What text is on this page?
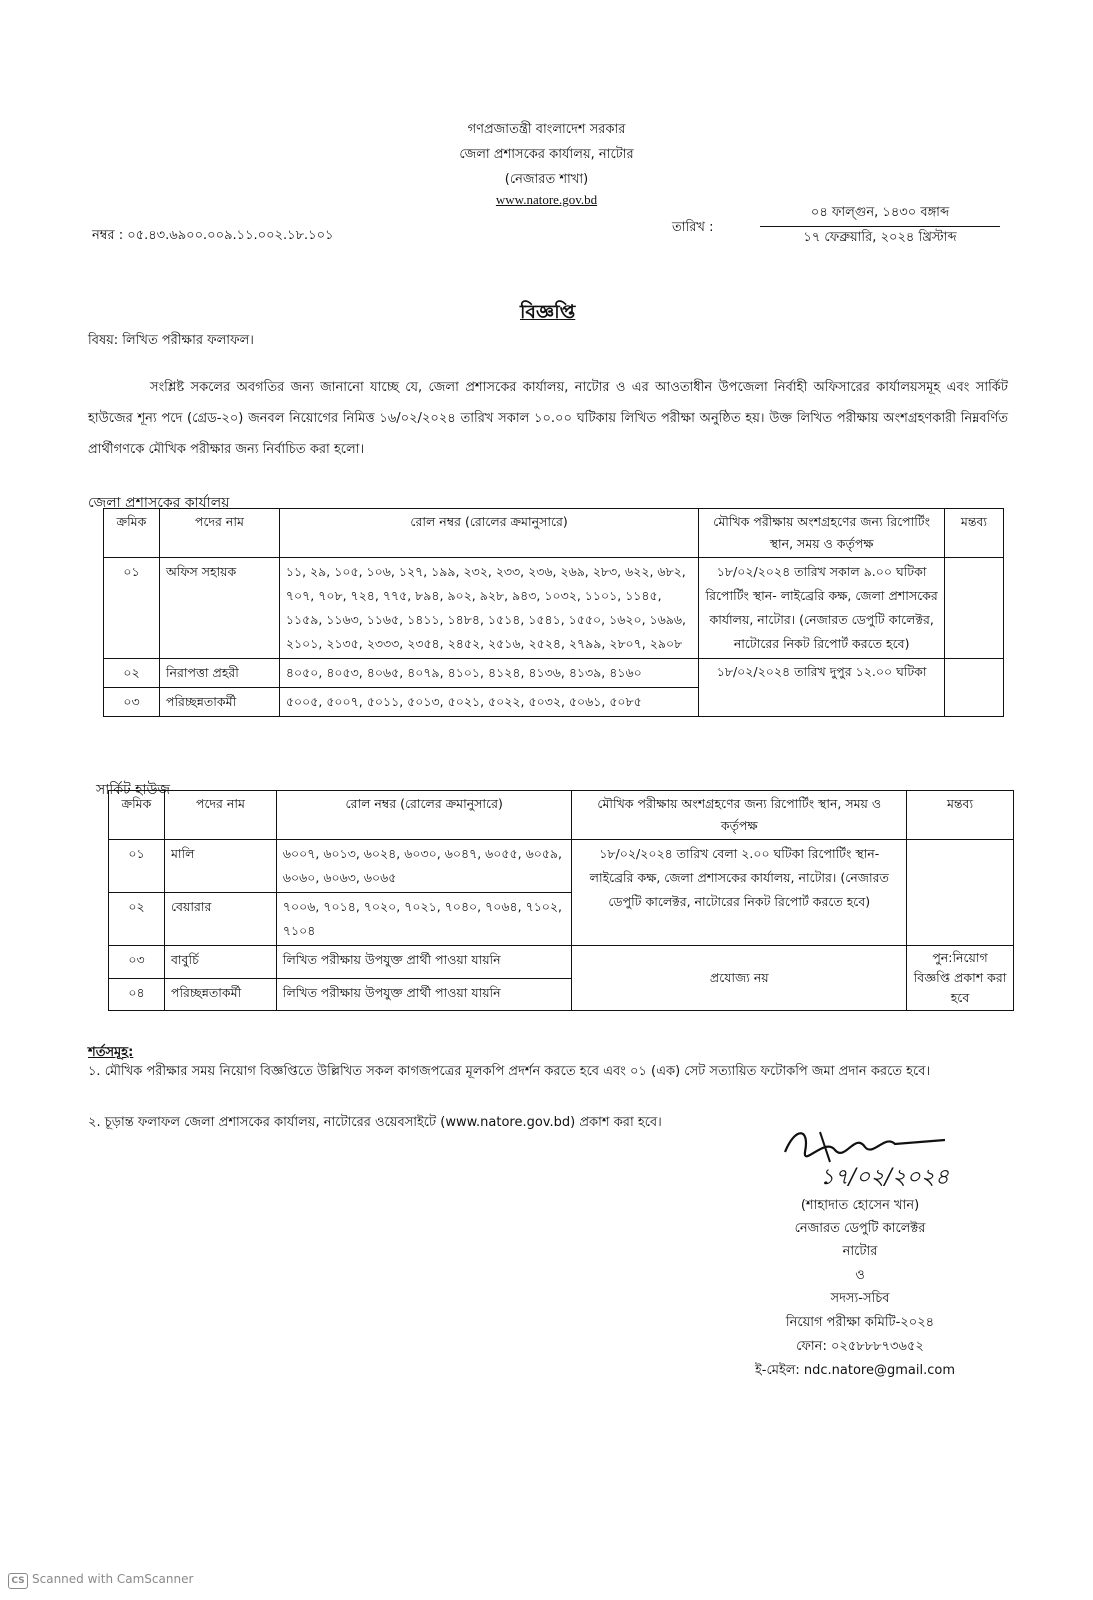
গণপ্রজাতন্ত্রী বাংলাদেশ সরকার
জেলা প্রশাসকের কার্যালয়, নাটোর
(নেজারত শাখা)
www.natore.gov.bd
নম্বর : ০৫.৪৩.৬৯০০.০০৯.১১.০০২.১৮.১০১
তারিখ :
০৪ ফাল্গুন, ১৪৩০ বঙ্গাব্দ
১৭ ফেব্রুয়ারি, ২০২৪ খ্রিস্টাব্দ
বিজ্ঞপ্তি
বিষয়: লিখিত পরীক্ষার ফলাফল।
সংশ্লিষ্ট সকলের অবগতির জন্য জানানো যাচ্ছে যে, জেলা প্রশাসকের কার্যালয়, নাটোর ও এর আওতাধীন উপজেলা নির্বাহী অফিসারের কার্যালয়সমূহ এবং সার্কিট হাউজের শূন্য পদে (গ্রেড-২০) জনবল নিয়োগের নিমিত্ত ১৬/০২/২০২৪ তারিখ সকাল ১০.০০ ঘটিকায় লিখিত পরীক্ষা অনুষ্ঠিত হয়। উক্ত লিখিত পরীক্ষায় অংশগ্রহণকারী নিম্নবর্ণিত প্রার্থীগণকে মৌখিক পরীক্ষার জন্য নির্বাচিত করা হলো।
জেলা প্রশাসকের কার্যালয়
ক্রমিক	পদের নাম	রোল নম্বর (রোলের ক্রমানুসারে)	মৌখিক পরীক্ষায় অংশগ্রহণের জন্য রিপোর্টিং স্থান, সময় ও কর্তৃপক্ষ	মন্তব্য
০১	অফিস সহায়ক	১১, ২৯, ১০৫, ১০৬, ১২৭, ১৯৯, ২৩২, ২৩৩, ২৩৬, ২৬৯, ২৮৩, ৬২২, ৬৮২, ৭০৭, ৭০৮, ৭২৪, ৭৭৫, ৮৯৪, ৯০২, ৯২৮, ৯৪৩, ১০৩২, ১১০১, ১১৪৫, ১১৫৯, ১১৬৩, ১১৬৫, ১৪১১, ১৪৮৪, ১৫১৪, ১৫৪১, ১৫৫০, ১৬২০, ১৬৯৬, ২১০১, ২১৩৫, ২৩৩৩, ২৩৫৪, ২৪৫২, ২৫১৬, ২৫২৪, ২৭৯৯, ২৮০৭, ২৯০৮	১৮/০২/২০২৪ তারিখ সকাল ৯.০০ ঘটিকা রিপোর্টিং স্থান- লাইব্রেরি কক্ষ, জেলা প্রশাসকের কার্যালয়, নাটোর। (নেজারত ডেপুটি কালেক্টর, নাটোরের নিকট রিপোর্ট করতে হবে)	
০২	নিরাপত্তা প্রহরী	৪০৫০, ৪০৫৩, ৪০৬৫, ৪০৭৯, ৪১০১, ৪১২৪, ৪১৩৬, ৪১৩৯, ৪১৬০	১৮/০২/২০২৪ তারিখ দুপুর ১২.০০ ঘটিকা	
০৩	পরিচ্ছন্নতাকর্মী	৫০০৫, ৫০০৭, ৫০১১, ৫০১৩, ৫০২১, ৫০২২, ৫০৩২, ৫০৬১, ৫০৮৫		
সার্কিট হাউজ
ক্রমিক	পদের নাম	রোল নম্বর (রোলের ক্রমানুসারে)	মৌখিক পরীক্ষায় অংশগ্রহণের জন্য রিপোর্টিং স্থান, সময় ও কর্তৃপক্ষ	মন্তব্য
০১	মালি	৬০০৭, ৬০১৩, ৬০২৪, ৬০৩০, ৬০৪৭, ৬০৫৫, ৬০৫৯, ৬০৬০, ৬০৬৩, ৬০৬৫	১৮/০২/২০২৪ তারিখ বেলা ২.০০ ঘটিকা রিপোর্টিং স্থান- লাইব্রেরি কক্ষ, জেলা প্রশাসকের কার্যালয়, নাটোর। (নেজারত ডেপুটি কালেক্টর, নাটোরের নিকট রিপোর্ট করতে হবে)	
০২	বেয়ারার	৭০০৬, ৭০১৪, ৭০২০, ৭০২১, ৭০৪০, ৭০৬৪, ৭১০২, ৭১০৪		
০৩	বাবুর্চি	লিখিত পরীক্ষায় উপযুক্ত প্রার্থী পাওয়া যায়নি	প্রযোজ্য নয়	পুন:নিয়োগ বিজ্ঞপ্তি প্রকাশ করা হবে
০৪	পরিচ্ছন্নতাকর্মী	লিখিত পরীক্ষায় উপযুক্ত প্রার্থী পাওয়া যায়নি		
শর্তসমূহ:
১. মৌখিক পরীক্ষার সময় নিয়োগ বিজ্ঞপ্তিতে উল্লিখিত সকল কাগজপত্রের মূলকপি প্রদর্শন করতে হবে এবং ০১ (এক) সেট সত্যায়িত ফটোকপি জমা প্রদান করতে হবে।
২. চূড়ান্ত ফলাফল জেলা প্রশাসকের কার্যালয়, নাটোরের ওয়েবসাইটে (www.natore.gov.bd) প্রকাশ করা হবে।
১৭/০২/২০২৪
(শাহাদাত হোসেন খান)
নেজারত ডেপুটি কালেক্টর
নাটোর
ও
সদস্য-সচিব
নিয়োগ পরীক্ষা কমিটি-২০২৪
ফোন: ০২৫৮৮৮৭৩৬৫২
ই-মেইল: ndc.natore@gmail.com
CS Scanned with CamScanner
